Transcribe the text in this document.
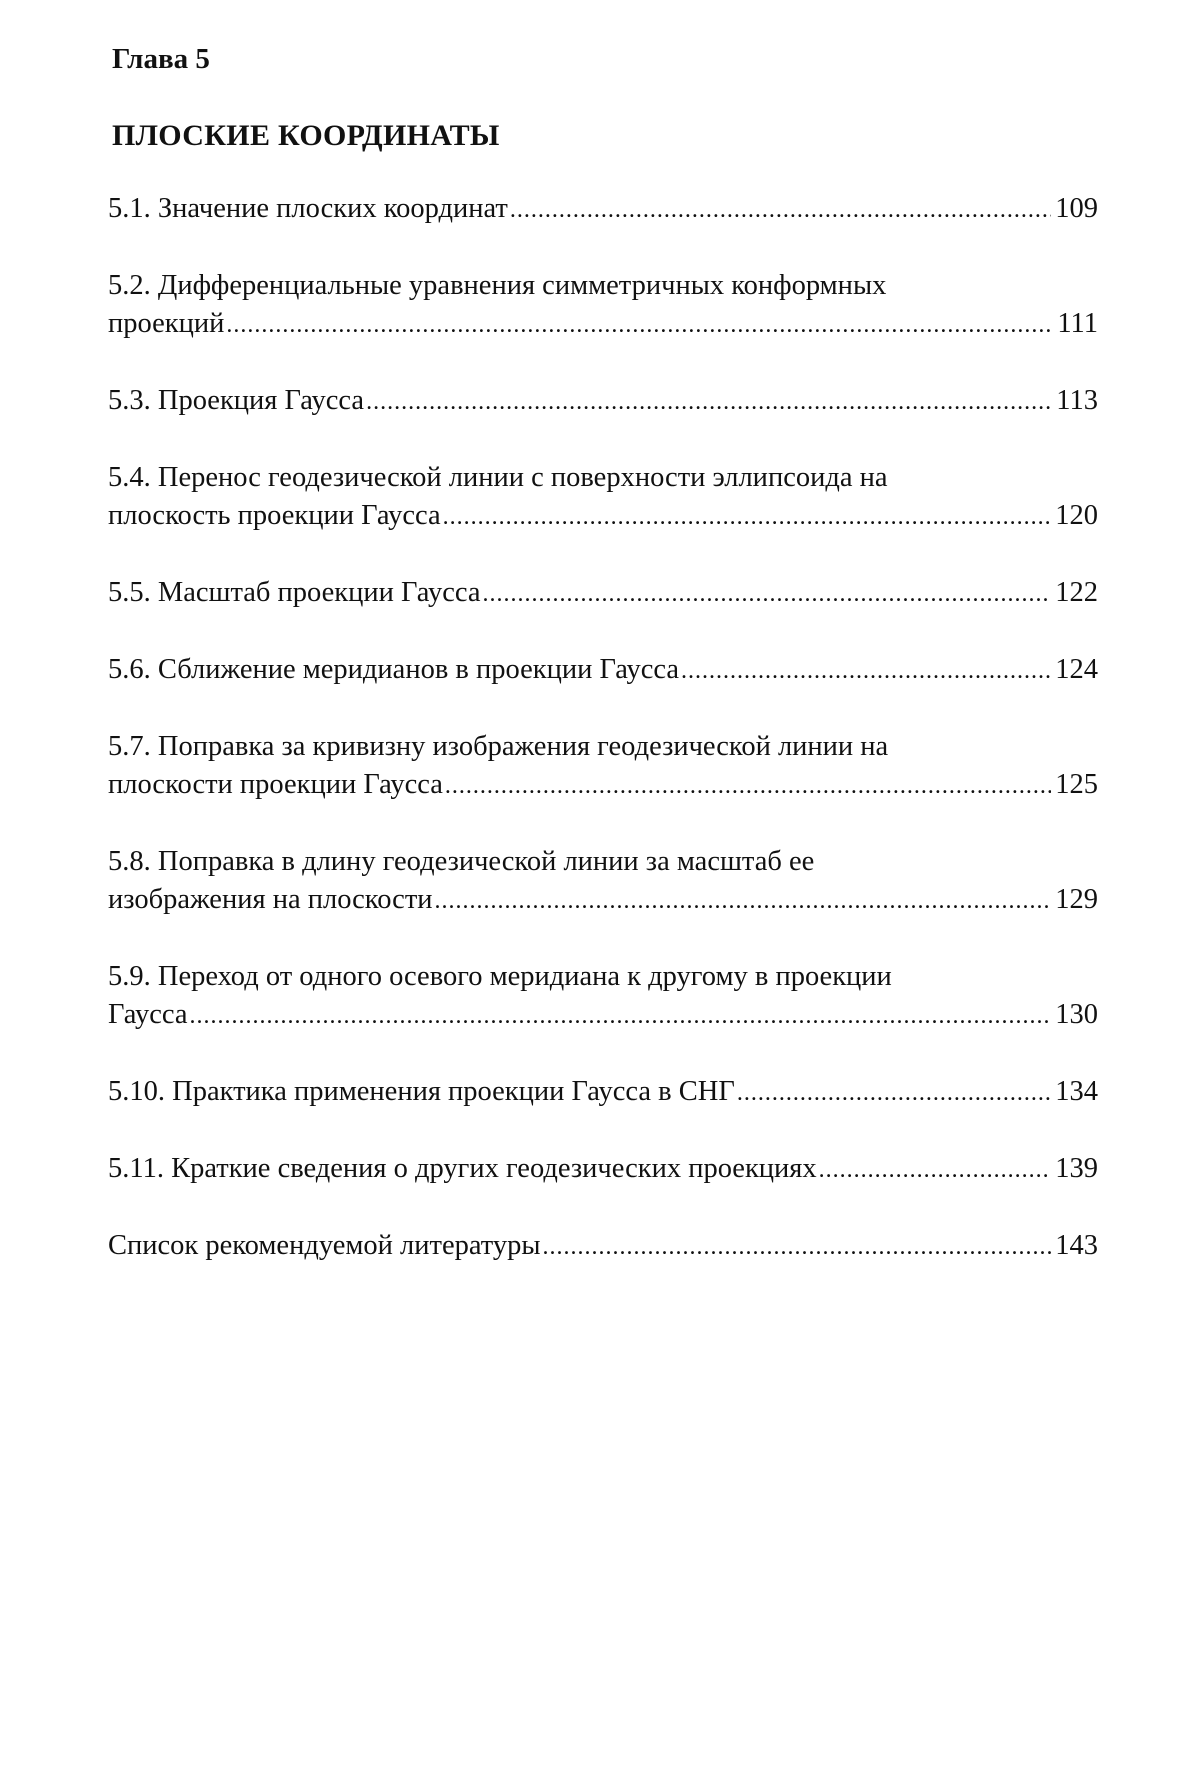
Глава 5
ПЛОСКИЕ КООРДИНАТЫ
5.1. Значение плоских координат .....	109
5.2. Дифференциальные уравнения симметричных конформных
проекций .....	111
5.3. Проекция Гаусса .....	113
5.4. Перенос геодезической линии с поверхности эллипсоида на
плоскость проекции Гаусса .....	120
5.5. Масштаб проекции Гаусса .....	122
5.6. Сближение меридианов в проекции Гаусса .....	124
5.7. Поправка за кривизну изображения геодезической линии на
плоскости проекции Гаусса .....	125
5.8. Поправка в длину геодезической линии за масштаб ее
изображения на плоскости .....	129
5.9. Переход от одного осевого меридиана к другому в проекции
Гаусса .....	130
5.10. Практика применения проекции Гаусса в СНГ .....	134
5.11. Краткие сведения о других геодезических проекциях .....	139
Список рекомендуемой литературы .....	143
